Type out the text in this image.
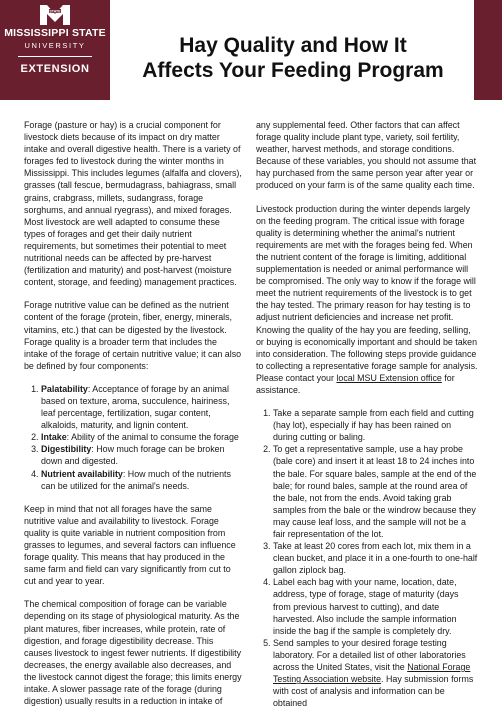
STATE
MISSISSIPPI STATE
UNIVERSITY
EXTENSION
Hay Quality and How It
Affects Your Feeding Program

Forage (pasture or hay) is a crucial component for livestock diets because of its impact on dry matter intake and overall digestive health. There is a variety of forages fed to livestock during the winter months in Mississippi. This includes legumes (alfalfa and clovers), grasses (tall fescue, bermudagrass, bahiagrass, small grains, crabgrass, millets, sudangrass, forage sorghums, and annual ryegrass), and mixed forages. Most livestock are well adapted to consume these types of forages and get their daily nutrient requirements, but sometimes their potential to meet nutritional needs can be affected by pre-harvest (fertilization and maturity) and post-harvest (moisture content, storage, and feeding) management practices.

Forage nutritive value can be defined as the nutrient content of the forage (protein, fiber, energy, minerals, vitamins, etc.) that can be digested by the livestock. Forage quality is a broader term that includes the intake of the forage of certain nutritive value; it can also be defined by four components:

1. Palatability: Acceptance of forage by an animal based on texture, aroma, succulence, hairiness, leaf percentage, fertilization, sugar content, alkaloids, maturity, and lignin content.
2. Intake: Ability of the animal to consume the forage
3. Digestibility: How much forage can be broken down and digested.
4. Nutrient availability: How much of the nutrients can be utilized for the animal's needs.

Keep in mind that not all forages have the same nutritive value and availability to livestock. Forage quality is quite variable in nutrient composition from grasses to legumes, and several factors can influence forage quality. This means that hay produced in the same farm and field can vary significantly from cut to cut and year to year.

The chemical composition of forage can be variable depending on its stage of physiological maturity. As the plant matures, fiber increases, while protein, rate of digestion, and forage digestibility decrease. This causes livestock to ingest fewer nutrients. If digestibility decreases, the energy available also decreases, and the livestock cannot digest the forage; this limits energy intake. A slower passage rate of the forage (during digestion) usually results in a reduction in intake of

any supplemental feed. Other factors that can affect forage quality include plant type, variety, soil fertility, weather, harvest methods, and storage conditions. Because of these variables, you should not assume that hay purchased from the same person year after year or produced on your farm is of the same quality each time.

Livestock production during the winter depends largely on the feeding program. The critical issue with forage quality is determining whether the animal's nutrient requirements are met with the forages being fed. When the nutrient content of the forage is limiting, additional supplementation is needed or animal performance will be compromised. The only way to know if the forage will meet the nutrient requirements of the livestock is to get the hay tested. The primary reason for hay testing is to adjust nutrient deficiencies and increase net profit. Knowing the quality of the hay you are feeding, selling, or buying is economically important and should be taken into consideration. The following steps provide guidance to collecting a representative forage sample for analysis. Please contact your local MSU Extension office for assistance.

1. Take a separate sample from each field and cutting (hay lot), especially if hay has been rained on during cutting or baling.
2. To get a representative sample, use a hay probe (bale core) and insert it at least 18 to 24 inches into the bale. For square bales, sample at the end of the bale; for round bales, sample at the round area of the bale, not from the ends. Avoid taking grab samples from the bale or the windrow because they may cause leaf loss, and the sample will not be a fair representation of the lot.
3. Take at least 20 cores from each lot, mix them in a clean bucket, and place it in a one-fourth to one-half gallon ziplock bag.
4. Label each bag with your name, location, date, address, type of forage, stage of maturity (days from previous harvest to cutting), and date harvested. Also include the sample information inside the bag if the sample is completely dry.
5. Send samples to your desired forage testing laboratory. For a detailed list of other laboratories across the United States, visit the National Forage Testing Association website. Hay submission forms with cost of analysis and information can be obtained
